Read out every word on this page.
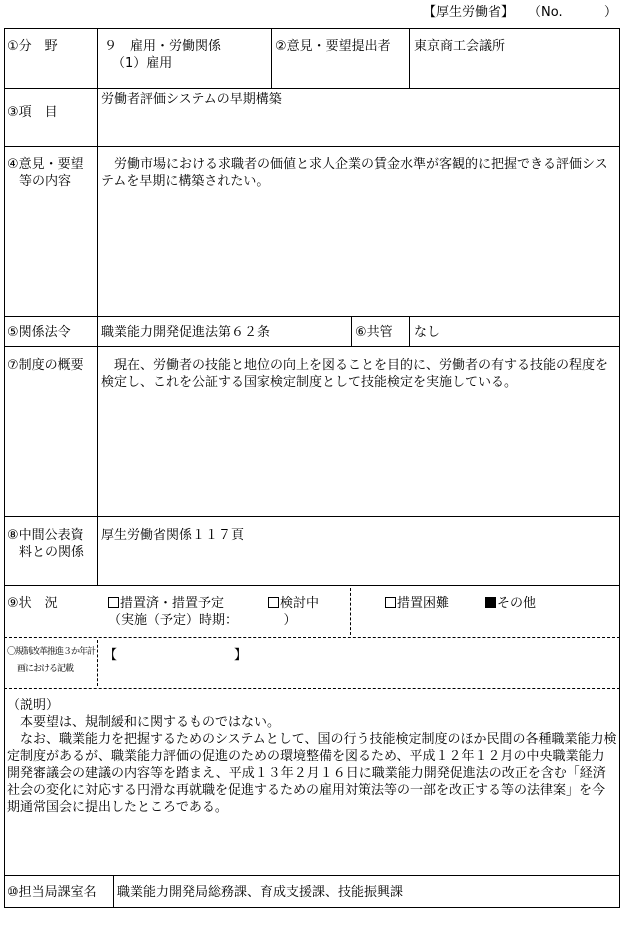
【厚生労働省】 （No.	）
①分　野	９　雇用・労働関係
（1）雇用
②意見・要望提出者 東京商工会議所
③項　目
労働者評価システムの早期構築
④意見・要望
等の内容
　労働市場における求職者の価値と求人企業の賃金水準が客観的に把握できる評価システムを早期に構築されたい。
⑤関係法令 職業能力開発促進法第６２条	⑥共管 なし
⑦制度の概要 　現在、労働者の技能と地位の向上を図ることを目的に、労働者の有する技能の程度を検定し、これを公証する国家検定制度として技能検定を実施している。
⑧中間公表資
料との関係
厚生労働省関係１１７頁
⑨状　況	措置済・措置予定	検討中	措置困難	その他
（実施（予定）時期：　　　　）
〇規制改革推進３か年計
画における記載
【　　　　　　　　　】
（説明）
　本要望は、規制緩和に関するものではない。
　なお、職業能力を把握するためのシステムとして、国の行う技能検定制度のほか民間の各種職業能力検定制度があるが、職業能力評価の促進のための環境整備を図るため、平成１２年１２月の中央職業能力開発審議会の建議の内容等を踏まえ、平成１３年２月１６日に職業能力開発促進法の改正を含む「経済社会の変化に対応する円滑な再就職を促進するための雇用対策法等の一部を改正する等の法律案」を今期通常国会に提出したところである。
⑩担当局課室名 職業能力開発局総務課、育成支援課、技能振興課
